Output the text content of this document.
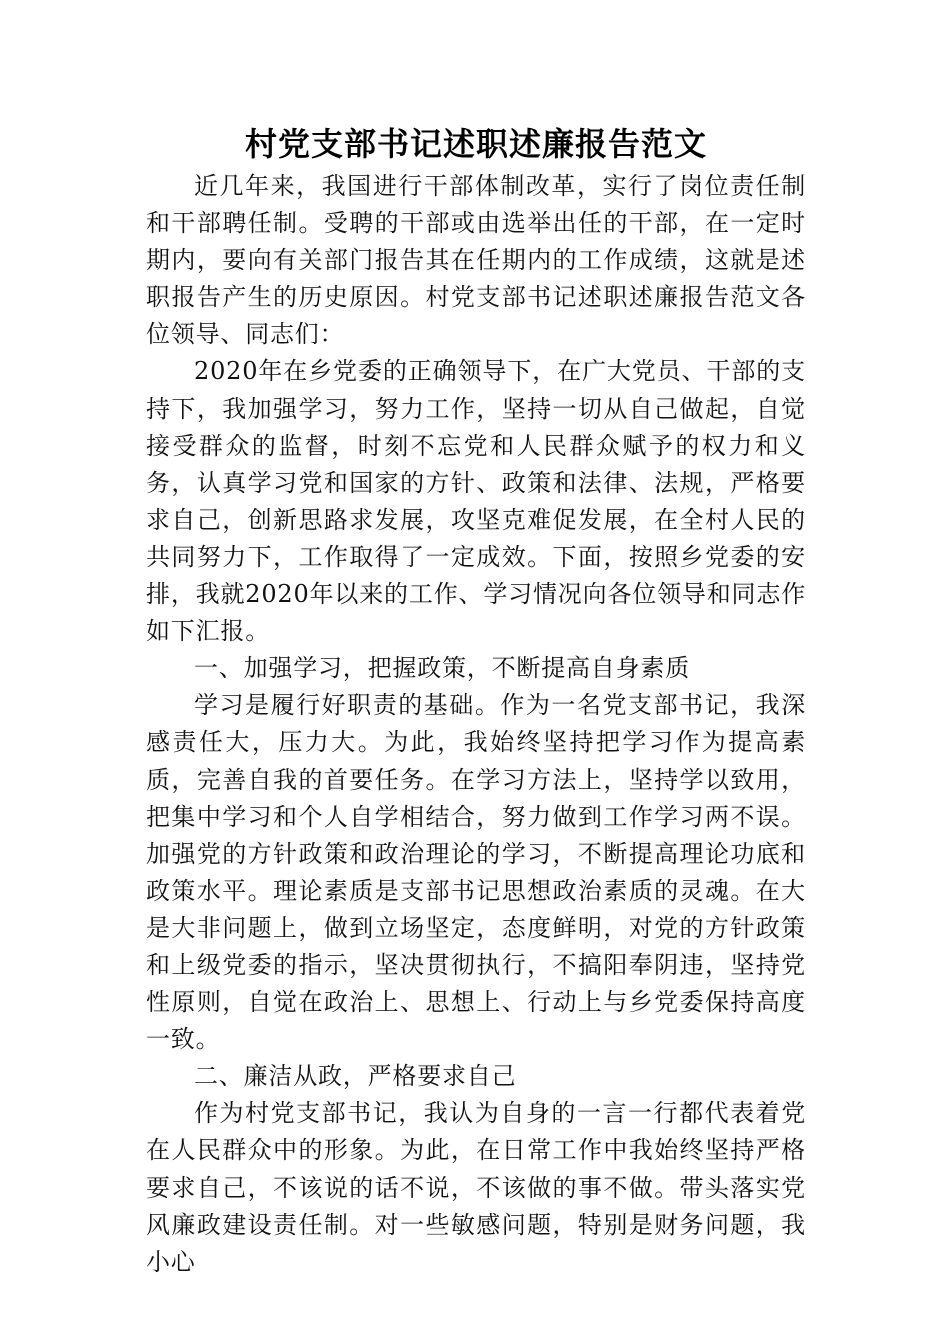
村党支部书记述职述廉报告范文

近几年来，我国进行干部体制改革，实行了岗位责任制和干部聘任制。受聘的干部或由选举出任的干部，在一定时期内，要向有关部门报告其在任期内的工作成绩，这就是述职报告产生的历史原因。村党支部书记述职述廉报告范文各位领导、同志们：

2020年在乡党委的正确领导下，在广大党员、干部的支持下，我加强学习，努力工作，坚持一切从自己做起，自觉接受群众的监督，时刻不忘党和人民群众赋予的权力和义务，认真学习党和国家的方针、政策和法律、法规，严格要求自己，创新思路求发展，攻坚克难促发展，在全村人民的共同努力下，工作取得了一定成效。下面，按照乡党委的安排，我就2020年以来的工作、学习情况向各位领导和同志作如下汇报。

一、加强学习，把握政策，不断提高自身素质

学习是履行好职责的基础。作为一名党支部书记，我深感责任大，压力大。为此，我始终坚持把学习作为提高素质，完善自我的首要任务。在学习方法上，坚持学以致用，把集中学习和个人自学相结合，努力做到工作学习两不误。加强党的方针政策和政治理论的学习，不断提高理论功底和政策水平。理论素质是支部书记思想政治素质的灵魂。在大是大非问题上，做到立场坚定，态度鲜明，对党的方针政策和上级党委的指示，坚决贯彻执行，不搞阳奉阴违，坚持党性原则，自觉在政治上、思想上、行动上与乡党委保持高度一致。

二、廉洁从政，严格要求自己

作为村党支部书记，我认为自身的一言一行都代表着党在人民群众中的形象。为此，在日常工作中我始终坚持严格要求自己，不该说的话不说，不该做的事不做。带头落实党风廉政建设责任制。对一些敏感问题，特别是财务问题，我小心
